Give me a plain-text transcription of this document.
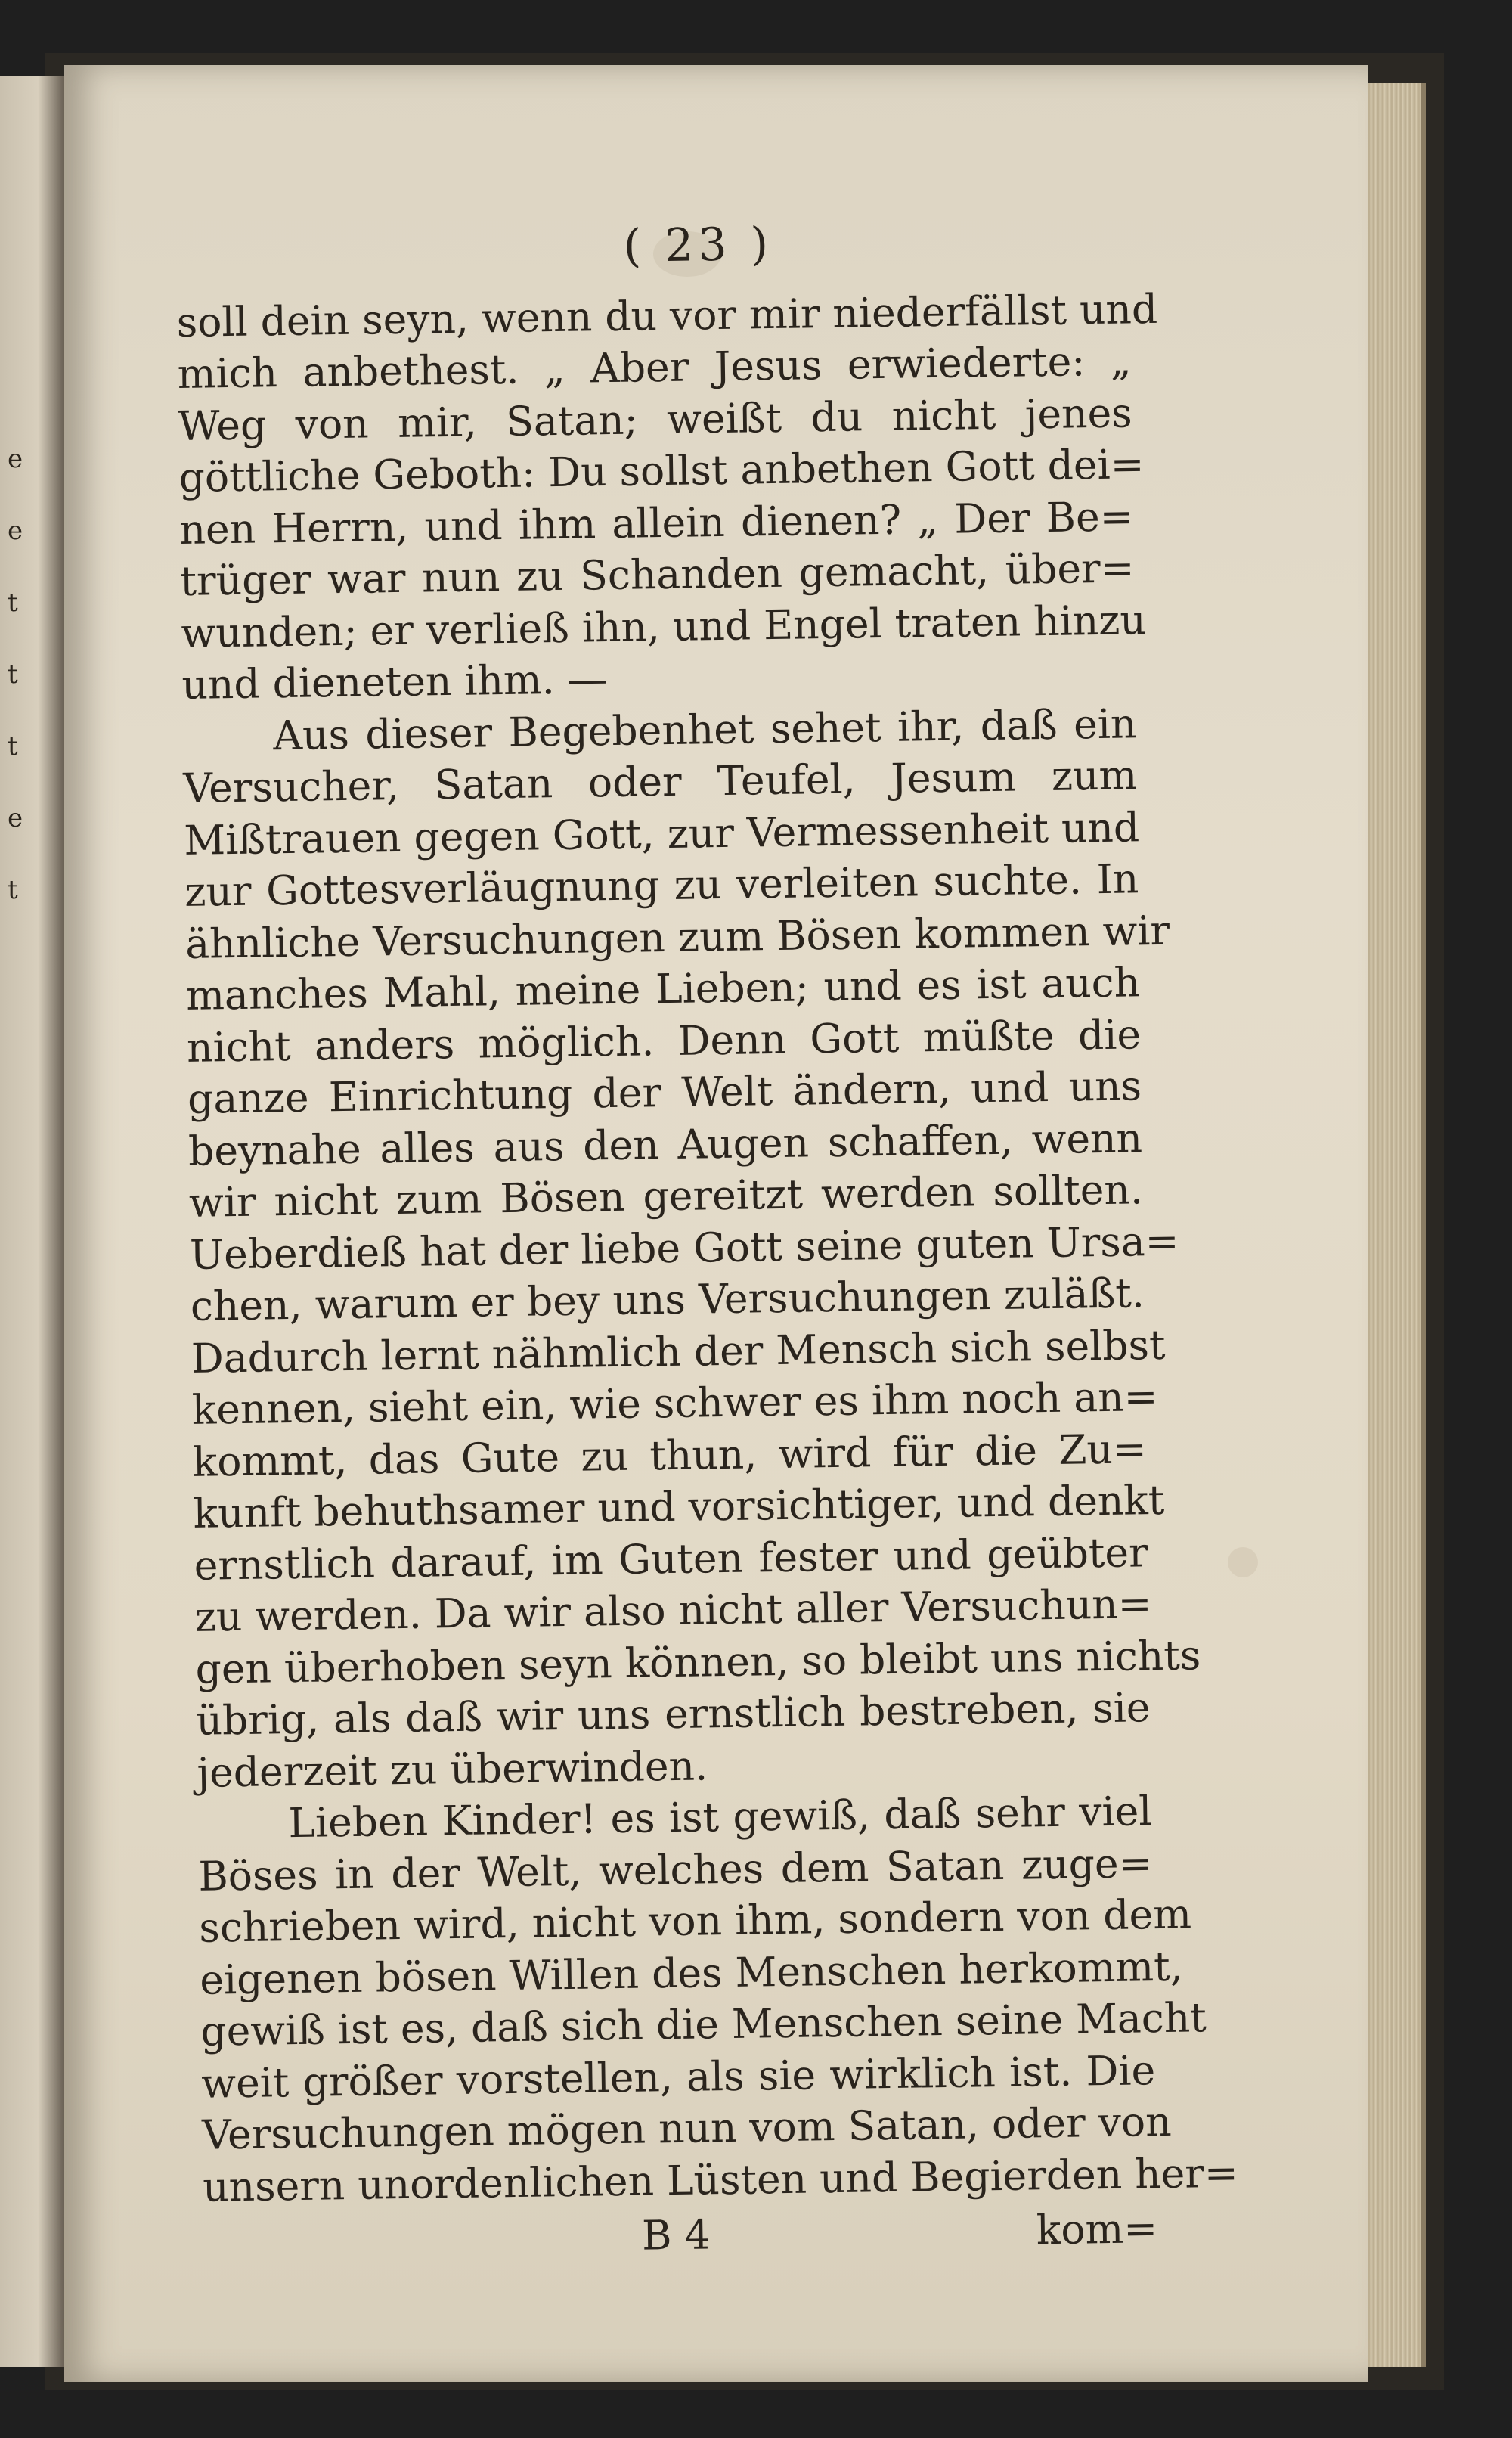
e
e
t
t
t
e
t
( 23 )
soll dein seyn, wenn du vor mir niederfällst und
mich anbethest. „ Aber Jesus erwiederte: „
Weg von mir, Satan; weißt du nicht jenes
göttliche Geboth: Du sollst anbethen Gott dei=
nen Herrn, und ihm allein dienen? „ Der Be=
trüger war nun zu Schanden gemacht, über=
wunden; er verließ ihn, und Engel traten hinzu
und dieneten ihm. —
Aus dieser Begebenhet sehet ihr, daß ein
Versucher, Satan oder Teufel, Jesum zum
Mißtrauen gegen Gott, zur Vermessenheit und
zur Gottesverläugnung zu verleiten suchte. In
ähnliche Versuchungen zum Bösen kommen wir
manches Mahl, meine Lieben; und es ist auch
nicht anders möglich. Denn Gott müßte die
ganze Einrichtung der Welt ändern, und uns
beynahe alles aus den Augen schaffen, wenn
wir nicht zum Bösen gereitzt werden sollten.
Ueberdieß hat der liebe Gott seine guten Ursa=
chen, warum er bey uns Versuchungen zuläßt.
Dadurch lernt nähmlich der Mensch sich selbst
kennen, sieht ein, wie schwer es ihm noch an=
kommt, das Gute zu thun, wird für die Zu=
kunft behuthsamer und vorsichtiger, und denkt
ernstlich darauf, im Guten fester und geübter
zu werden. Da wir also nicht aller Versuchun=
gen überhoben seyn können, so bleibt uns nichts
übrig, als daß wir uns ernstlich bestreben, sie
jederzeit zu überwinden.
Lieben Kinder! es ist gewiß, daß sehr viel
Böses in der Welt, welches dem Satan zuge=
schrieben wird, nicht von ihm, sondern von dem
eigenen bösen Willen des Menschen herkommt,
gewiß ist es, daß sich die Menschen seine Macht
weit größer vorstellen, als sie wirklich ist. Die
Versuchungen mögen nun vom Satan, oder von
unsern unordenlichen Lüsten und Begierden her=
B 4	kom=
